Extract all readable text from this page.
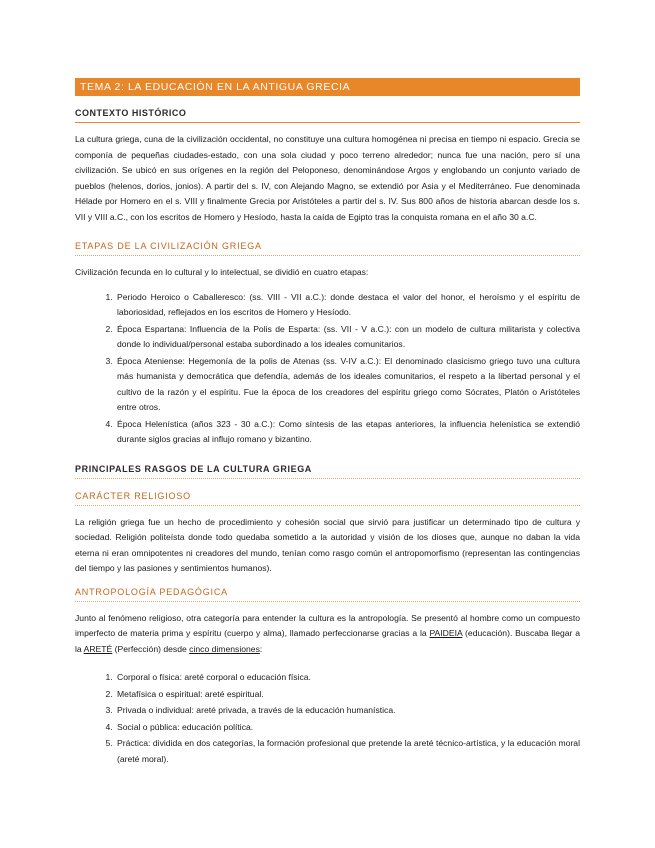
TEMA 2: LA EDUCACIÓN EN LA ANTIGUA GRECIA
CONTEXTO HISTÓRICO

La cultura griega, cuna de la civilización occidental, no constituye una cultura homogénea ni precisa en tiempo ni espacio. Grecia se componía de pequeñas ciudades-estado, con una sola ciudad y poco terreno alrededor; nunca fue una nación, pero sí una civilización. Se ubicó en sus orígenes en la región del Peloponeso, denominándose Argos y englobando un conjunto variado de pueblos (helenos, dorios, jonios). A partir del s. IV, con Alejando Magno, se extendió por Asia y el Mediterráneo. Fue denominada Hélade por Homero en el s. VIII y finalmente Grecia por Aristóteles a partir del s. IV. Sus 800 años de historia abarcan desde los s. VII y VIII a.C., con los escritos de Homero y Hesíodo, hasta la caída de Egipto tras la conquista romana en el año 30 a.C.

ETAPAS DE LA CIVILIZACIÓN GRIEGA

Civilización fecunda en lo cultural y lo intelectual, se dividió en cuatro etapas:

1. Periodo Heroico o Caballeresco: (ss. VIII - VII a.C.): donde destaca el valor del honor, el heroísmo y el espíritu de laboriosidad, reflejados en los escritos de Homero y Hesíodo.
2. Época Espartana: Influencia de la Polis de Esparta: (ss. VII - V a.C.): con un modelo de cultura militarista y colectiva donde lo individual/personal estaba subordinado a los ideales comunitarios.
3. Época Ateniense: Hegemonía de la polis de Atenas (ss. V-IV a.C.): El denominado clasicismo griego tuvo una cultura más humanista y democrática que defendía, además de los ideales comunitarios, el respeto a la libertad personal y el cultivo de la razón y el espíritu. Fue la época de los creadores del espíritu griego como Sócrates, Platón o Aristóteles entre otros.
4. Época Helenística (años 323 - 30 a.C.): Como síntesis de las etapas anteriores, la influencia helenística se extendió durante siglos gracias al influjo romano y bizantino.
PRINCIPALES RASGOS DE LA CULTURA GRIEGA
CARÁCTER RELIGIOSO

La religión griega fue un hecho de procedimiento y cohesión social que sirvió para justificar un determinado tipo de cultura y sociedad. Religión politeísta donde todo quedaba sometido a la autoridad y visión de los dioses que, aunque no daban la vida eterna ni eran omnipotentes ni creadores del mundo, tenían como rasgo común el antropomorfismo (representan las contingencias del tiempo y las pasiones y sentimientos humanos).

ANTROPOLOGÍA PEDAGÓGICA

Junto al fenómeno religioso, otra categoría para entender la cultura es la antropología. Se presentó al hombre como un compuesto imperfecto de materia prima y espíritu (cuerpo y alma), llamado perfeccionarse gracias a la PAIDEIA (educación). Buscaba llegar a la ARETÉ (Perfección) desde cinco dimensiones:

1. Corporal o física: areté corporal o educación física.
2. Metafísica o espiritual: areté espiritual.
3. Privada o individual: areté privada, a través de la educación humanística.
4. Social o pública: educación política.
5. Práctica: dividida en dos categorías, la formación profesional que pretende la areté técnico-artística, y la educación moral (areté moral).
